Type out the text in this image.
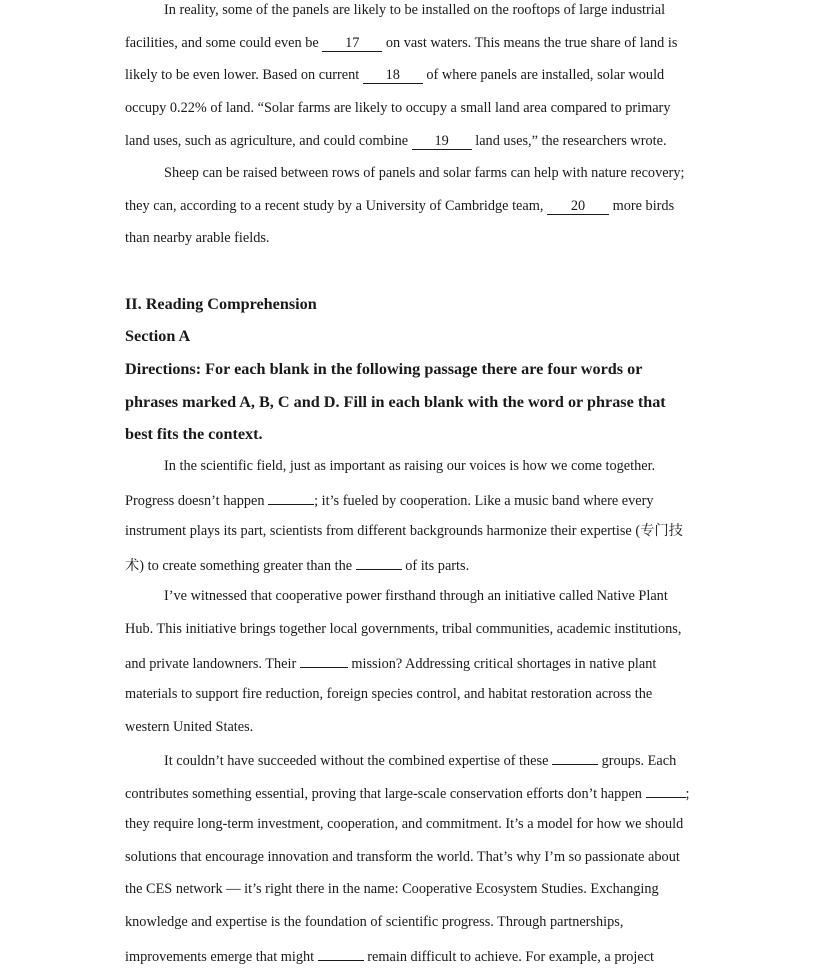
In reality, some of the panels are likely to be installed on the rooftops of large industrial
facilities, and some could even be 17 on vast waters. This means the true share of land is
likely to be even lower. Based on current 18 of where panels are installed, solar would
occupy 0.22% of land. “Solar farms are likely to occupy a small land area compared to primary
land uses, such as agriculture, and could combine 19 land uses,” the researchers wrote.
Sheep can be raised between rows of panels and solar farms can help with nature recovery;
they can, according to a recent study by a University of Cambridge team, 20 more birds
than nearby arable fields.
II. Reading Comprehension
Section A
Directions: For each blank in the following passage there are four words or
phrases marked A, B, C and D. Fill in each blank with the word or phrase that
best fits the context.
In the scientific field, just as important as raising our voices is how we come together.
Progress doesn’t happen	; it’s fueled by cooperation. Like a music band where every
instrument plays its part, scientists from different backgrounds harmonize their expertise (专门技
术) to create something greater than the	of its parts.
I’ve witnessed that cooperative power firsthand through an initiative called Native Plant
Hub. This initiative brings together local governments, tribal communities, academic institutions,
and private landowners. Their	mission? Addressing critical shortages in native plant
materials to support fire reduction, foreign species control, and habitat restoration across the
western United States.
It couldn’t have succeeded without the combined expertise of these	groups. Each
contributes something essential, proving that large-scale conservation efforts don’t happen	;
they require long-term investment, cooperation, and commitment. It’s a model for how we should
solutions that encourage innovation and transform the world. That’s why I’m so passionate about
the CES network — it’s right there in the name: Cooperative Ecosystem Studies. Exchanging
knowledge and expertise is the foundation of scientific progress. Through partnerships,
improvements emerge that might	remain difficult to achieve. For example, a project
